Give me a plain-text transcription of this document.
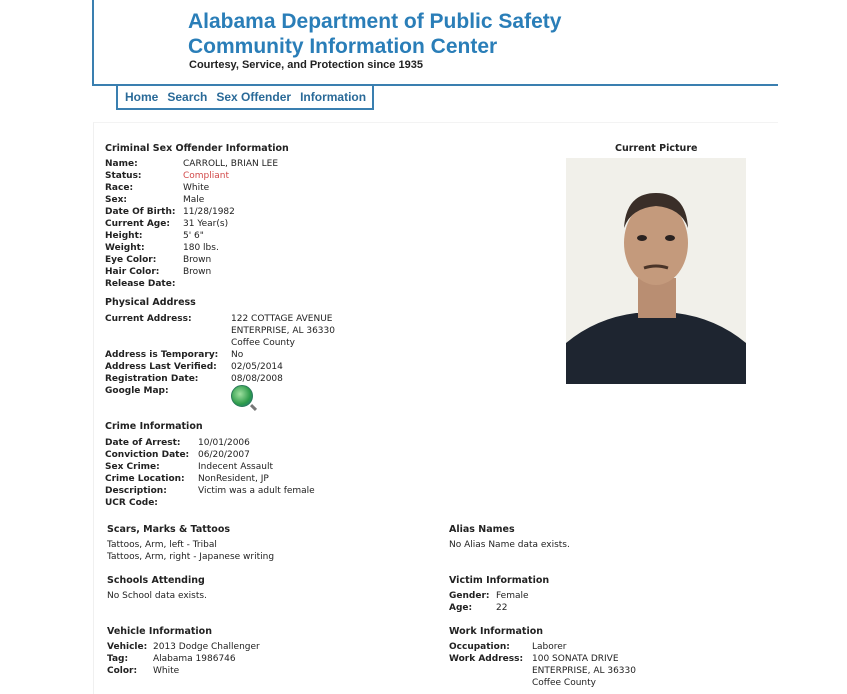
Alabama Department of Public Safety
Community Information Center

Courtesy, Service, and Protection since 1935

Home Search Sex Offender Information
Criminal Sex Offender Information
Name:	CARROLL, BRIAN LEE
Status:	Compliant
Race:	White
Sex:	Male
Date Of Birth: 11/28/1982
Current Age: 31 Year(s)
Height:	5' 6"
Weight:	180 lbs.
Eye Color:	Brown
Hair Color:	Brown
Release Date:
Current Picture
Physical Address
Current Address:	122 COTTAGE AVENUE
ENTERPRISE, AL 36330
Coffee County
Address is Temporary: No
Address Last Verified: 02/05/2014
Registration Date:	08/08/2008
Google Map:
Crime Information
Date of Arrest: 10/01/2006
Conviction Date: 06/20/2007
Sex Crime:	Indecent Assault
Crime Location: NonResident, JP
Description:	Victim was a adult female
UCR Code:
Scars, Marks & Tattoos
Tattoos, Arm, left - Tribal
Tattoos, Arm, right - Japanese writing
Alias Names
No Alias Name data exists.
Schools Attending
No School data exists.
Victim Information
Gender: Female
Age:	22
Vehicle Information
Vehicle: 2013 Dodge Challenger
Tag:	Alabama 1986746
Color: White
Work Information
Occupation: Laborer
Work Address: 100 SONATA DRIVE
ENTERPRISE, AL 36330
Coffee County
